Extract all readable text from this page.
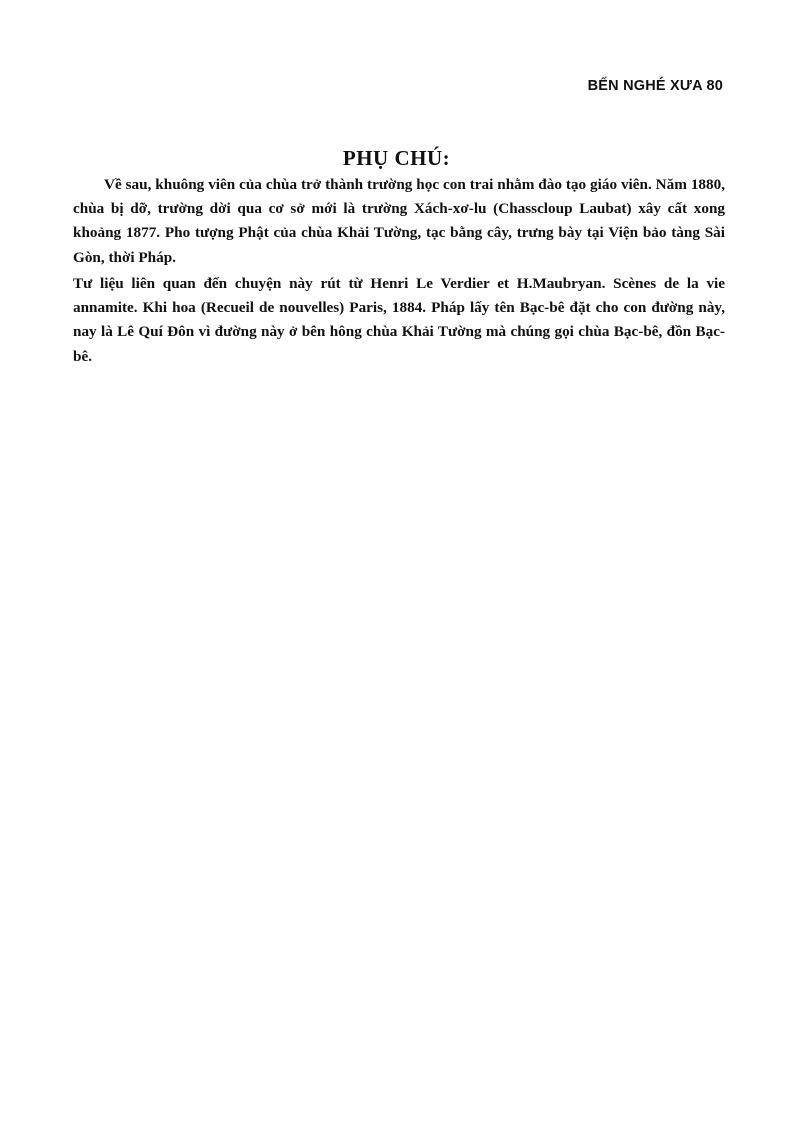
BẾN NGHÉ XƯA 80
PHỤ CHÚ:

Về sau, khuông viên của chùa trở thành trường học con trai nhằm đào tạo giáo viên. Năm 1880, chùa bị dỡ, trường dời qua cơ sở mới là trường Xách-xơ-lu (Chasscloup Laubat) xây cất xong khoảng 1877. Pho tượng Phật của chùa Khải Tường, tạc bằng cây, trưng bày tại Viện bảo tàng Sài Gòn, thời Pháp.

Tư liệu liên quan đến chuyện này rút từ Henri Le Verdier et H.Maubryan. Scènes de la vie annamite. Khi hoa (Recueil de nouvelles) Paris, 1884. Pháp lấy tên Bạc-bê đặt cho con đường này, nay là Lê Quí Đôn vì đường này ở bên hông chùa Khải Tường mà chúng gọi chùa Bạc-bê, đồn Bạc-bê.
